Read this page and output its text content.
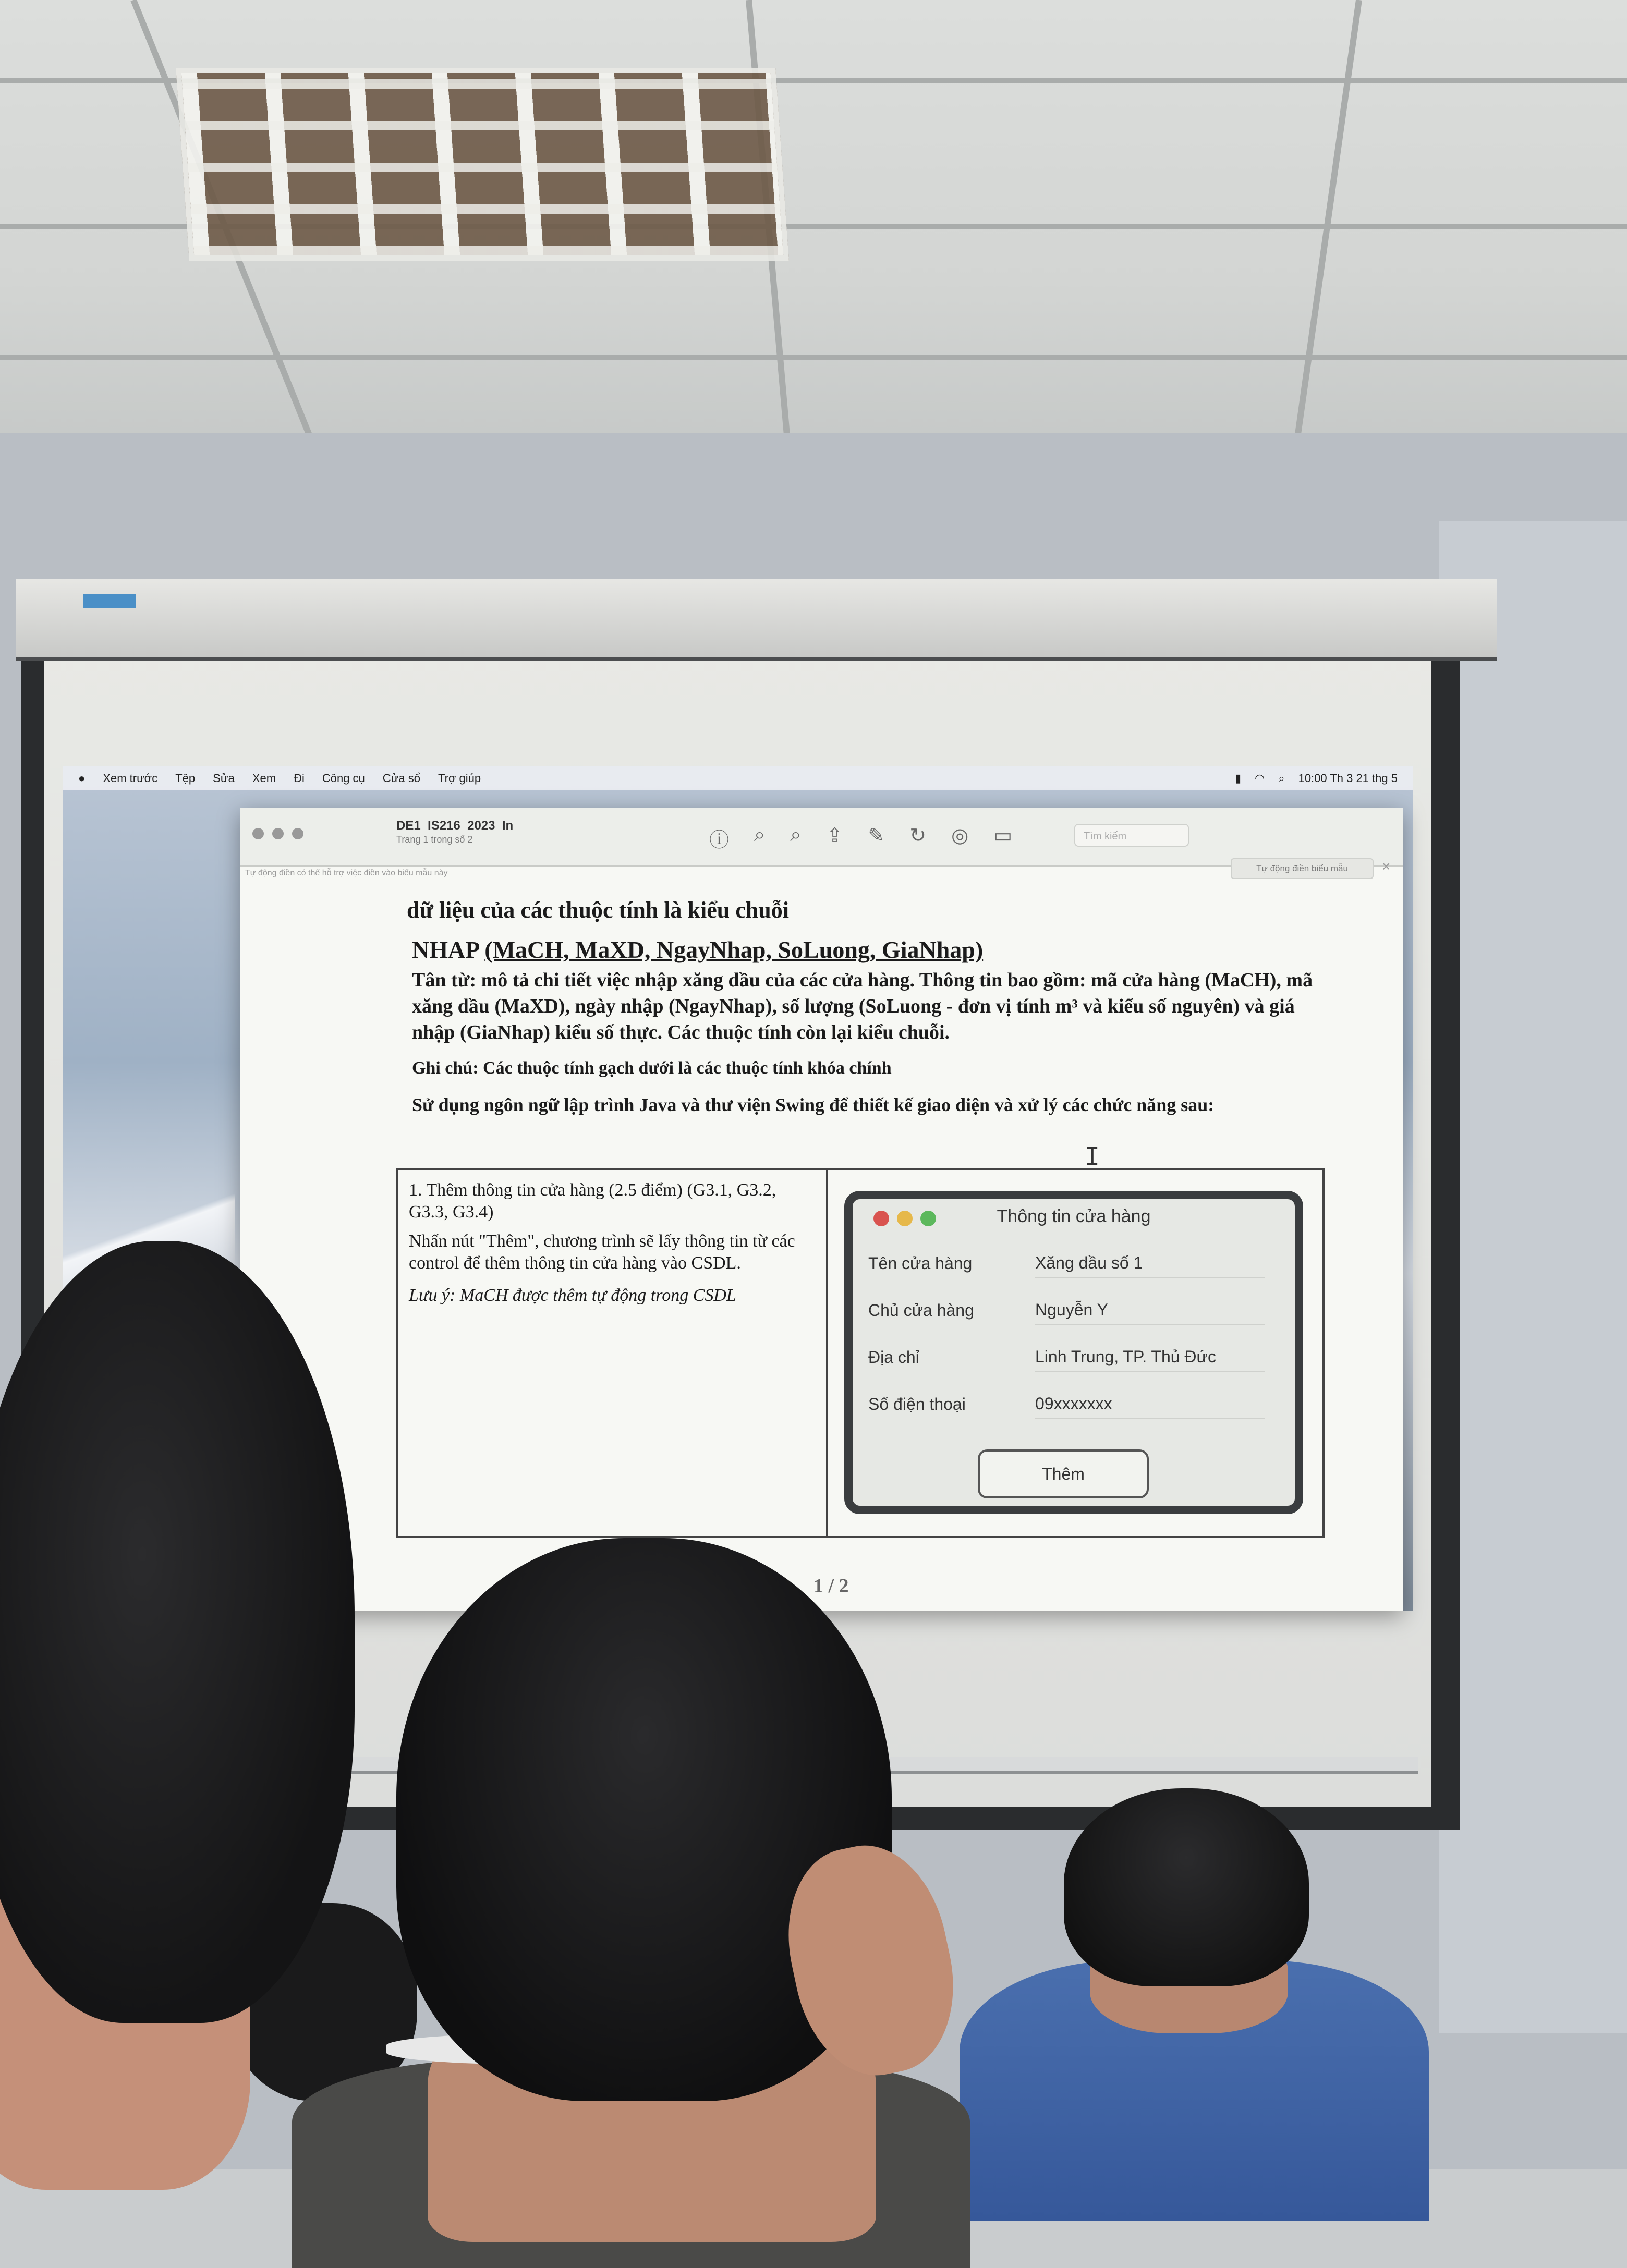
● Xem trước Tệp Sửa Xem Đi Công cụ Cửa sổ Trợ giúp	▮ ◠ ⌕ 10:00 Th 3 21 thg 5
DE1_IS216_2023_In
Trang 1 trong số 2	ⓘ ⌕ ⌕ ⇪ ✎ ↻ ◎ ▭	Tìm kiếm
Tự động điền có thể hỗ trợ việc điền vào biểu mẫu này	Tự động điền biểu mẫu	×

dữ liệu của các thuộc tính là kiểu chuỗi

NHAP (MaCH, MaXD, NgayNhap, SoLuong, GiaNhap)

Tân từ: mô tả chi tiết việc nhập xăng dầu của các cửa hàng. Thông tin bao gồm: mã cửa hàng (MaCH), mã xăng dầu (MaXD), ngày nhập (NgayNhap), số lượng (SoLuong - đơn vị tính m³ và kiểu số nguyên) và giá nhập (GiaNhap) kiểu số thực. Các thuộc tính còn lại kiểu chuỗi.

Ghi chú: Các thuộc tính gạch dưới là các thuộc tính khóa chính

Sử dụng ngôn ngữ lập trình Java và thư viện Swing để thiết kế giao diện và xử lý các chức năng sau:

1. Thêm thông tin cửa hàng (2.5 điểm) (G3.1, G3.2, G3.3, G3.4)
Nhấn nút "Thêm", chương trình sẽ lấy thông tin từ các control để thêm thông tin cửa hàng vào CSDL.
Lưu ý: MaCH được thêm tự động trong CSDL
Thông tin cửa hàng
Tên cửa hàng	Xăng dầu số 1
Chủ cửa hàng	Nguyễn Y
Địa chỉ	Linh Trung, TP. Thủ Đức
Số điện thoại	09xxxxxxx
Thêm
I
1 / 2
